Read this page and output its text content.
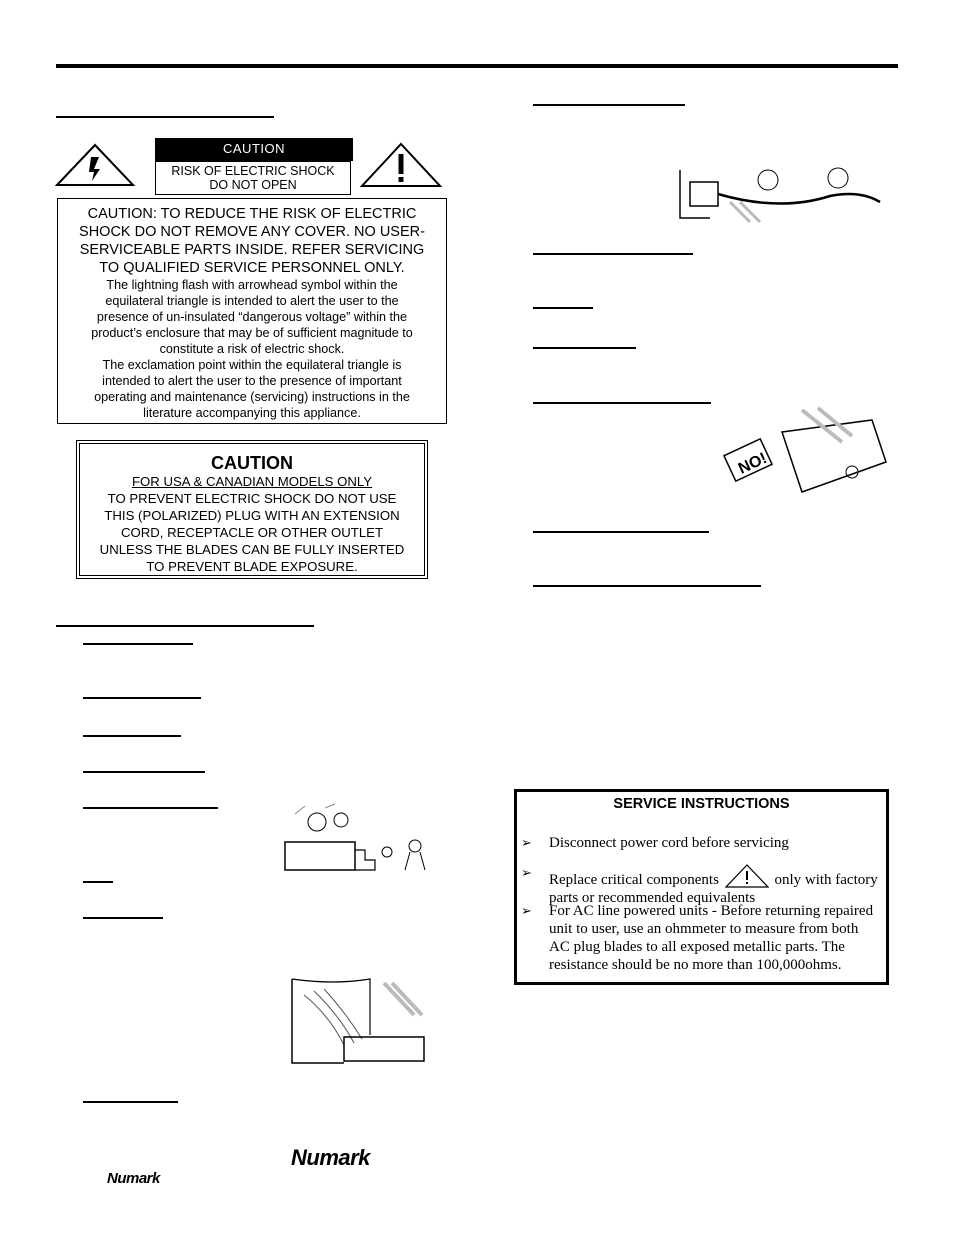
CAUTION
RISK OF ELECTRIC SHOCK
DO NOT OPEN
CAUTION: TO REDUCE THE RISK OF ELECTRIC
SHOCK DO NOT REMOVE ANY COVER. NO USER-
SERVICEABLE PARTS INSIDE. REFER SERVICING
TO QUALIFIED SERVICE PERSONNEL ONLY.
The lightning flash with arrowhead symbol within the
equilateral triangle is intended to alert the user to the
presence of un-insulated “dangerous voltage” within the
product’s enclosure that may be of sufficient magnitude to
constitute a risk of electric shock.
The exclamation point within the equilateral triangle is
intended to alert the user to the presence of important
operating and maintenance (servicing) instructions in the
literature accompanying this appliance.
CAUTION
FOR USA & CANADIAN MODELS ONLY
TO PREVENT ELECTRIC SHOCK DO NOT USE
THIS (POLARIZED) PLUG WITH AN EXTENSION
CORD, RECEPTACLE OR OTHER OUTLET
UNLESS THE BLADES CAN BE FULLY INSERTED
TO PREVENT BLADE EXPOSURE.
NO!
SERVICE INSTRUCTIONS
➢ Disconnect power cord before servicing
➢ Replace critical components	only with factory
parts or recommended equivalents
➢ For AC line powered units - Before returning repaired
unit to user, use an ohmmeter to measure from both
AC plug blades to all exposed metallic parts. The
resistance should be no more than 100,000ohms.
Numark
Numark
